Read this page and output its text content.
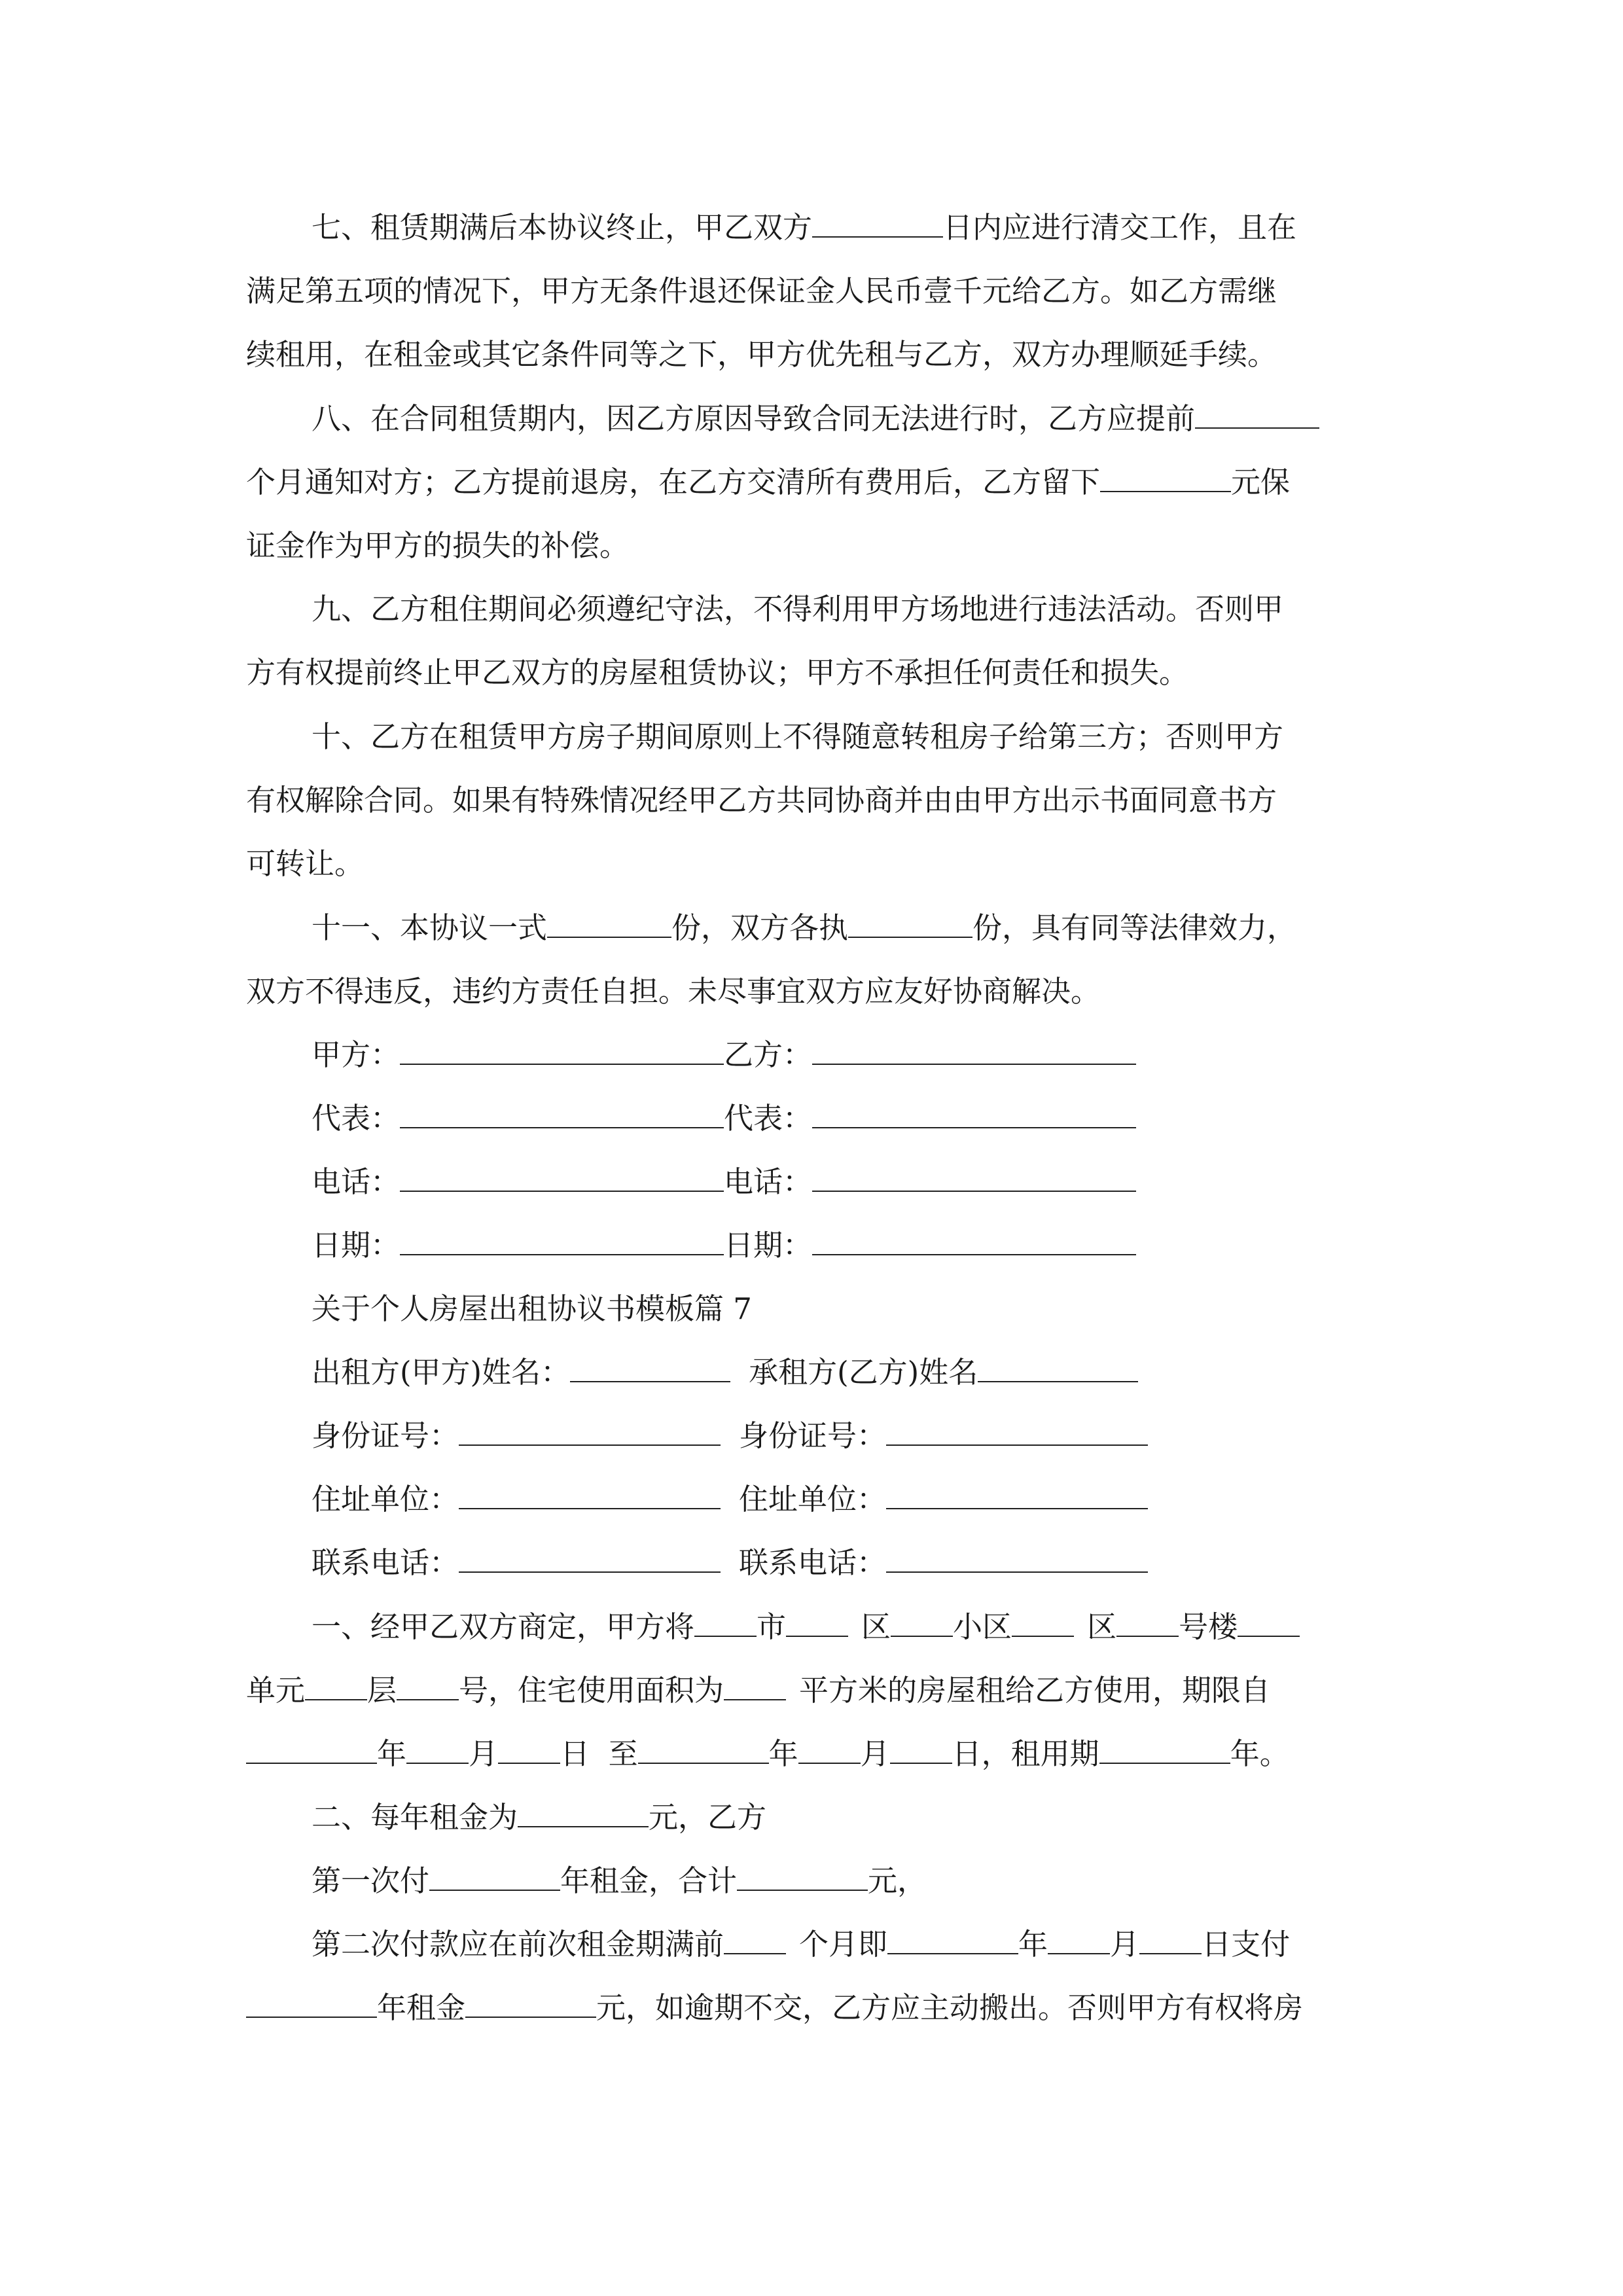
七、租赁期满后本协议终止，甲乙双方	日内应进行清交工作，且在
满足第五项的情况下，甲方无条件退还保证金人民币壹千元给乙方。如乙方需继
续租用，在租金或其它条件同等之下，甲方优先租与乙方，双方办理顺延手续。
八、在合同租赁期内，因乙方原因导致合同无法进行时，乙方应提前
个月通知对方；乙方提前退房，在乙方交清所有费用后，乙方留下	元保
证金作为甲方的损失的补偿。
九、乙方租住期间必须遵纪守法，不得利用甲方场地进行违法活动。否则甲
方有权提前终止甲乙双方的房屋租赁协议；甲方不承担任何责任和损失。
十、乙方在租赁甲方房子期间原则上不得随意转租房子给第三方；否则甲方
有权解除合同。如果有特殊情况经甲乙方共同协商并由由甲方出示书面同意书方
可转让。
十一、本协议一式	份，双方各执	份，具有同等法律效力，
双方不得违反，违约方责任自担。未尽事宜双方应友好协商解决。
甲方：	乙方：
代表：	代表：
电话：	电话：
日期：	日期：
关于个人房屋出租协议书模板篇 7
出租方(甲方)姓名：	承租方(乙方)姓名
身份证号：	身份证号：
住址单位：	住址单位：
联系电话：	联系电话：
一、经甲乙双方商定，甲方将 市	区 小区	区 号楼
单元 层 号，住宅使用面积为	平方米的房屋租给乙方使用，期限自
年 月 日  至	年 月 日，租用期	年。
二、每年租金为	元，乙方
第一次付	年租金，合计	元，
第二次付款应在前次租金期满前	个月即	年 月 日支付
年租金	元，如逾期不交，乙方应主动搬出。否则甲方有权将房
